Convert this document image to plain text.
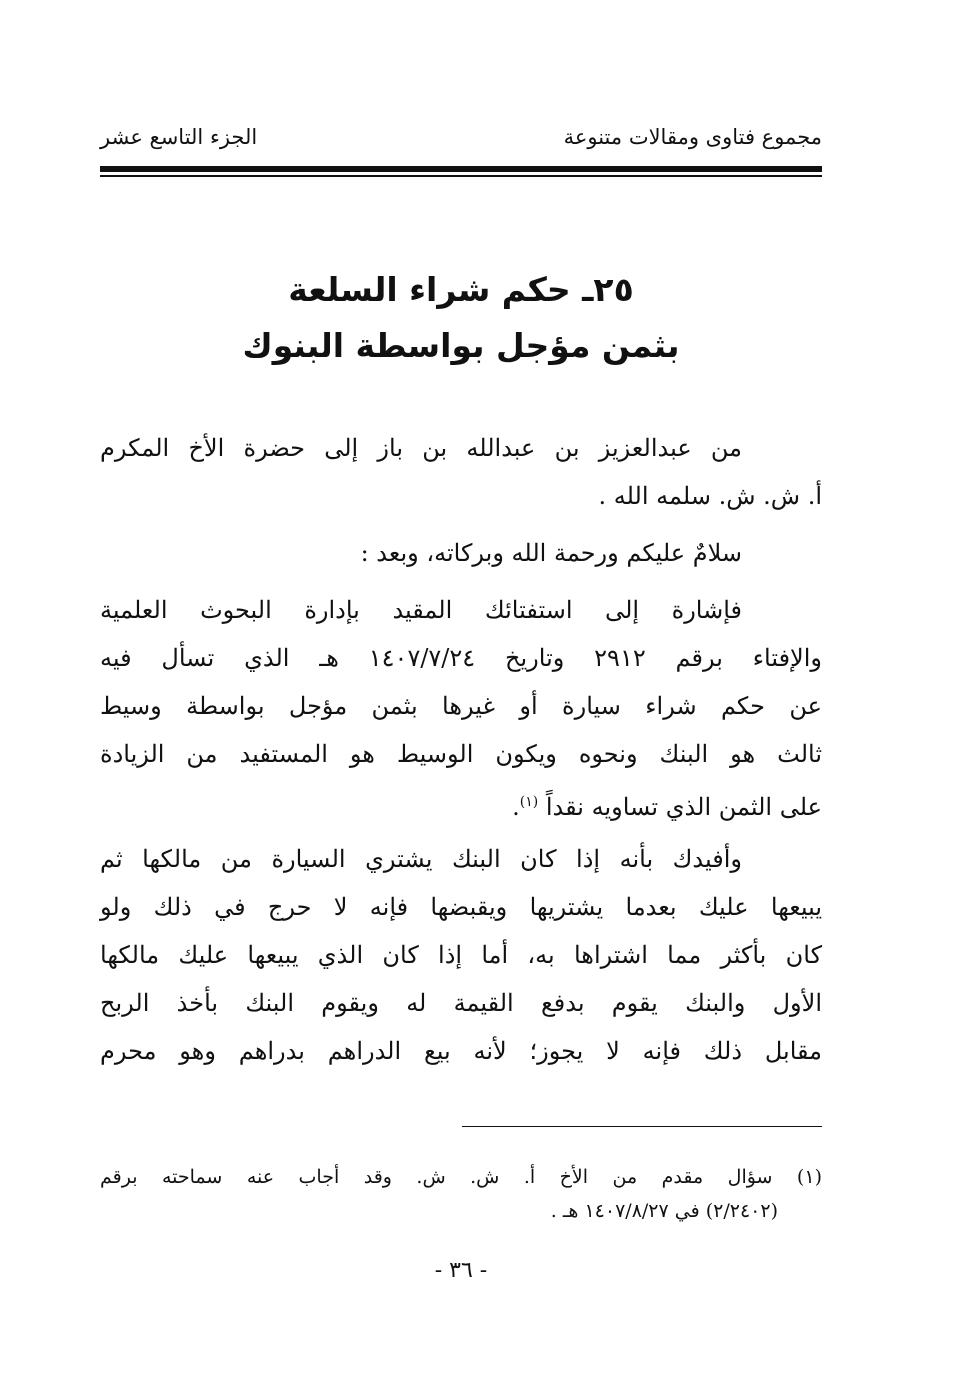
مجموع فتاوى ومقالات متنوعة
الجزء التاسع عشر
٢٥ـ حكم شراء السلعة
بثمن مؤجل بواسطة البنوك
من عبدالعزيز بن عبدالله بن باز إلى حضرة الأخ المكرم
أ. ش. ش. سلمه الله .
سلامٌ عليكم ورحمة الله وبركاته، وبعد :
فإشارة إلى استفتائك المقيد بإدارة البحوث العلمية
والإفتاء برقم ٢٩١٢ وتاريخ ١٤٠٧/٧/٢٤ هـ الذي تسأل فيه
عن حكم شراء سيارة أو غيرها بثمن مؤجل بواسطة وسيط
ثالث هو البنك ونحوه ويكون الوسيط هو المستفيد من الزيادة
على الثمن الذي تساويه نقداً $^{(١)}$.
وأفيدك بأنه إذا كان البنك يشتري السيارة من مالكها ثم
يبيعها عليك بعدما يشتريها ويقبضها فإنه لا حرج في ذلك ولو
كان بأكثر مما اشتراها به، أما إذا كان الذي يبيعها عليك مالكها
الأول والبنك يقوم بدفع القيمة له ويقوم البنك بأخذ الربح
مقابل ذلك فإنه لا يجوز؛ لأنه بيع الدراهم بدراهم وهو محرم
(١) سؤال مقدم من الأخ أ. ش. ش. وقد أجاب عنه سماحته برقم
(٢/٢٤٠٢) في ١٤٠٧/٨/٢٧ هـ .
- ٣٦ -
